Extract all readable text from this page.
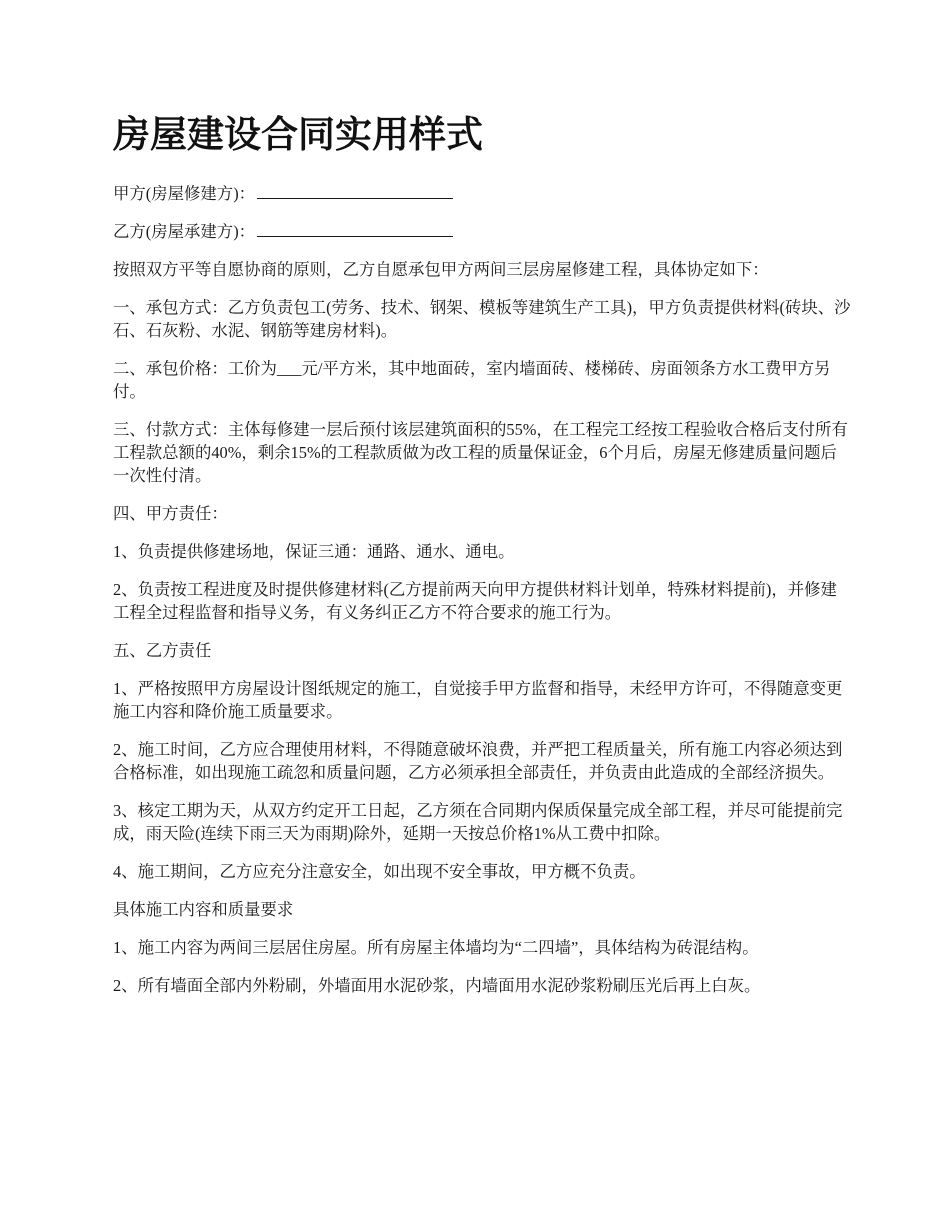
房屋建设合同实用样式

甲方(房屋修建方)：

乙方(房屋承建方)：

按照双方平等自愿协商的原则，乙方自愿承包甲方两间三层房屋修建工程，具体协定如下：

一、承包方式：乙方负责包工(劳务、技术、钢架、模板等建筑生产工具)，甲方负责提供材料(砖块、沙石、石灰粉、水泥、钢筋等建房材料)。

二、承包价格：工价为___元/平方米，其中地面砖，室内墙面砖、楼梯砖、房面领条方水工费甲方另付。

三、付款方式：主体每修建一层后预付该层建筑面积的55%，在工程完工经按工程验收合格后支付所有工程款总额的40%，剩余15%的工程款质做为改工程的质量保证金，6个月后，房屋无修建质量问题后一次性付清。

四、甲方责任：

1、负责提供修建场地，保证三通：通路、通水、通电。

2、负责按工程进度及时提供修建材料(乙方提前两天向甲方提供材料计划单，特殊材料提前)，并修建工程全过程监督和指导义务，有义务纠正乙方不符合要求的施工行为。

五、乙方责任

1、严格按照甲方房屋设计图纸规定的施工，自觉接手甲方监督和指导，未经甲方许可，不得随意变更施工内容和降价施工质量要求。

2、施工时间，乙方应合理使用材料，不得随意破坏浪费，并严把工程质量关，所有施工内容必须达到合格标准，如出现施工疏忽和质量问题，乙方必须承担全部责任，并负责由此造成的全部经济损失。

3、核定工期为天，从双方约定开工日起，乙方须在合同期内保质保量完成全部工程，并尽可能提前完成，雨天险(连续下雨三天为雨期)除外，延期一天按总价格1%从工费中扣除。

4、施工期间，乙方应充分注意安全，如出现不安全事故，甲方概不负责。

具体施工内容和质量要求

1、施工内容为两间三层居住房屋。所有房屋主体墙均为“二四墙”，具体结构为砖混结构。

2、所有墙面全部内外粉刷，外墙面用水泥砂浆，内墙面用水泥砂浆粉刷压光后再上白灰。
